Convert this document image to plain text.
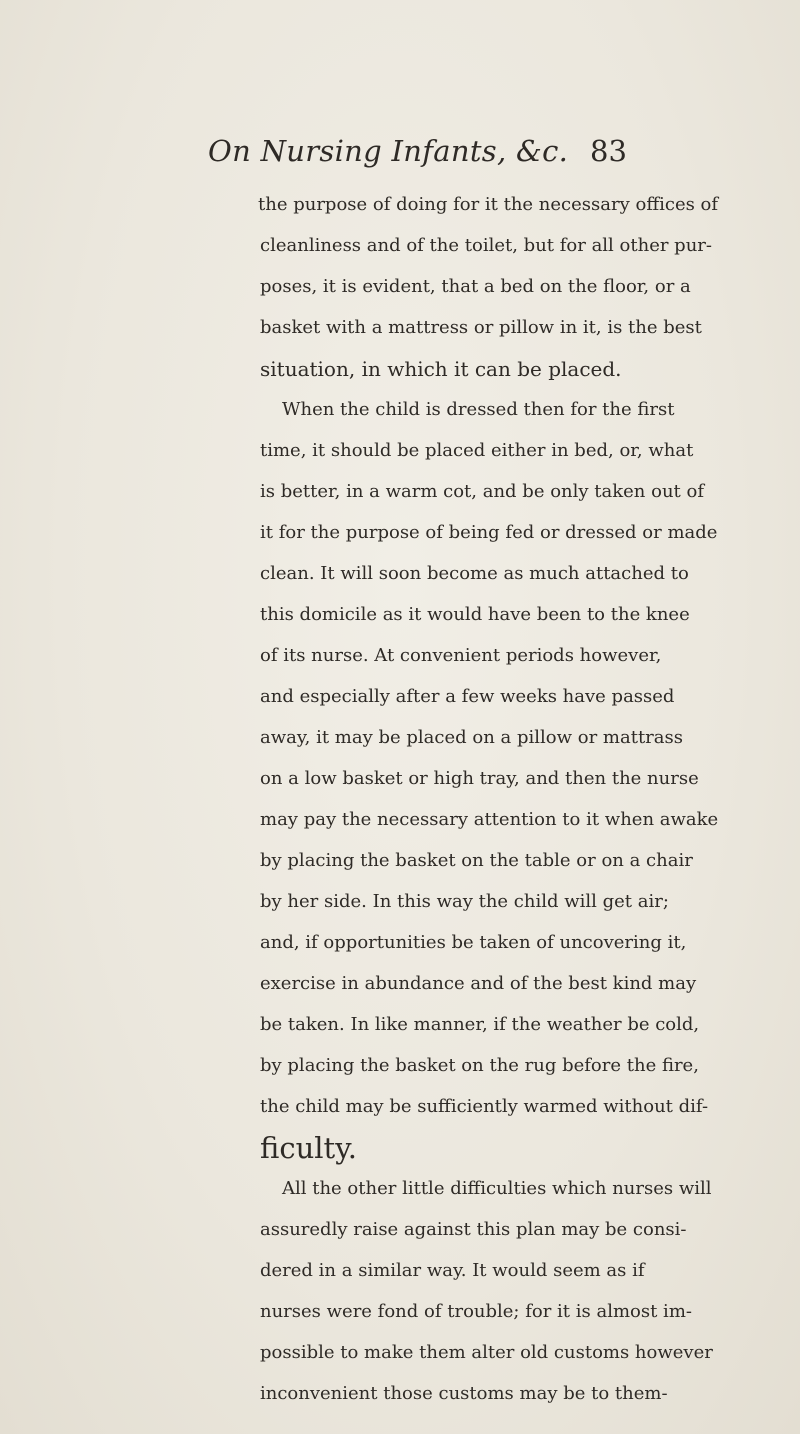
On Nursing Infants, &c. 83
the purpose of doing for it the necessary offices of
cleanliness and of the toilet, but for all other pur-
poses, it is evident, that a bed on the floor, or a
basket with a mattress or pillow in it, is the best
situation, in which it can be placed.
When the child is dressed then for the first
time, it should be placed either in bed, or, what
is better, in a warm cot, and be only taken out of
it for the purpose of being fed or dressed or made
clean. It will soon become as much attached to
this domicile as it would have been to the knee
of its nurse. At convenient periods however,
and especially after a few weeks have passed
away, it may be placed on a pillow or mattrass
on a low basket or high tray, and then the nurse
may pay the necessary attention to it when awake
by placing the basket on the table or on a chair
by her side. In this way the child will get air;
and, if opportunities be taken of uncovering it,
exercise in abundance and of the best kind may
be taken. In like manner, if the weather be cold,
by placing the basket on the rug before the fire,
the child may be sufficiently warmed without dif-
ficulty.
All the other little difficulties which nurses will
assuredly raise against this plan may be consi-
dered in a similar way. It would seem as if
nurses were fond of trouble; for it is almost im-
possible to make them alter old customs however
inconvenient those customs may be to them-
